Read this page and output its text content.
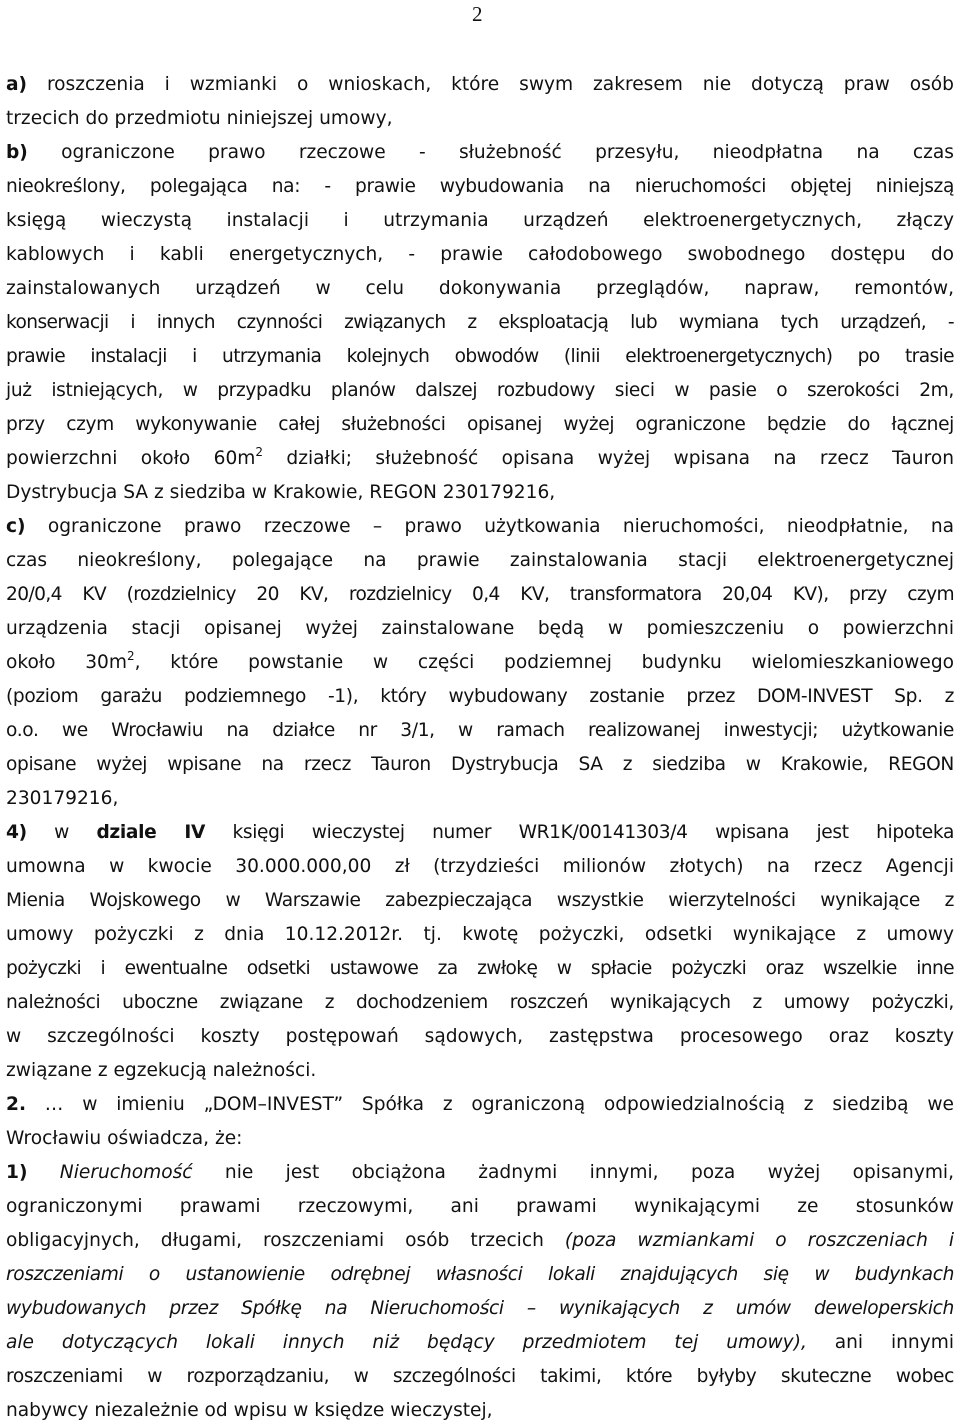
2
a) roszczenia i wzmianki o wnioskach, które swym zakresem nie dotyczą praw osób
trzecich do przedmiotu niniejszej umowy,
b) ograniczone prawo rzeczowe - służebność przesyłu, nieodpłatna na czas
nieokreślony, polegająca na: - prawie wybudowania na nieruchomości objętej niniejszą
księgą wieczystą instalacji i utrzymania urządzeń elektroenergetycznych, złączy
kablowych i kabli energetycznych, - prawie całodobowego swobodnego dostępu do
zainstalowanych urządzeń w celu dokonywania przeglądów, napraw, remontów,
konserwacji i innych czynności związanych z eksploatacją lub wymiana tych urządzeń, -
prawie instalacji i utrzymania kolejnych obwodów (linii elektroenergetycznych) po trasie
już istniejących, w przypadku planów dalszej rozbudowy sieci w pasie o szerokości 2m,
przy czym wykonywanie całej służebności opisanej wyżej ograniczone będzie do łącznej
powierzchni około $60m^2$ działki; służebność opisana wyżej wpisana na rzecz Tauron
Dystrybucja SA z siedziba w Krakowie, REGON 230179216,
c) ograniczone prawo rzeczowe – prawo użytkowania nieruchomości, nieodpłatnie, na
czas nieokreślony, polegające na prawie zainstalowania stacji elektroenergetycznej
20/0,4 KV (rozdzielnicy 20 KV, rozdzielnicy 0,4 KV, transformatora 20,04 KV), przy czym
urządzenia stacji opisanej wyżej zainstalowane będą w pomieszczeniu o powierzchni
około $30m^2$, które powstanie w części podziemnej budynku wielomieszkaniowego
(poziom garażu podziemnego -1), który wybudowany zostanie przez DOM-INVEST Sp. z
o.o. we Wrocławiu na działce nr 3/1, w ramach realizowanej inwestycji; użytkowanie
opisane wyżej wpisane na rzecz Tauron Dystrybucja SA z siedziba w Krakowie, REGON
230179216,
4) w dziale IV księgi wieczystej numer WR1K/00141303/4 wpisana jest hipoteka
umowna w kwocie 30.000.000,00 zł (trzydzieści milionów złotych) na rzecz Agencji
Mienia Wojskowego w Warszawie zabezpieczająca wszystkie wierzytelności wynikające z
umowy pożyczki z dnia 10.12.2012r. tj. kwotę pożyczki, odsetki wynikające z umowy
pożyczki i ewentualne odsetki ustawowe za zwłokę w spłacie pożyczki oraz wszelkie inne
należności uboczne związane z dochodzeniem roszczeń wynikających z umowy pożyczki,
w szczególności koszty postępowań sądowych, zastępstwa procesowego oraz koszty
związane z egzekucją należności.
2. … w imieniu „DOM–INVEST” Spółka z ograniczoną odpowiedzialnością z siedzibą we
Wrocławiu oświadcza, że:
1) Nieruchomość nie jest obciążona żadnymi innymi, poza wyżej opisanymi,
ograniczonymi prawami rzeczowymi, ani prawami wynikającymi ze stosunków
obligacyjnych, długami, roszczeniami osób trzecich (poza wzmiankami o roszczeniach i
roszczeniami o ustanowienie odrębnej własności lokali znajdujących się w budynkach
wybudowanych przez Spółkę na Nieruchomości – wynikających z umów deweloperskich
ale dotyczących lokali innych niż będący przedmiotem tej umowy), ani innymi
roszczeniami w rozporządzaniu, w szczególności takimi, które byłyby skuteczne wobec
nabywcy niezależnie od wpisu w księdze wieczystej,
